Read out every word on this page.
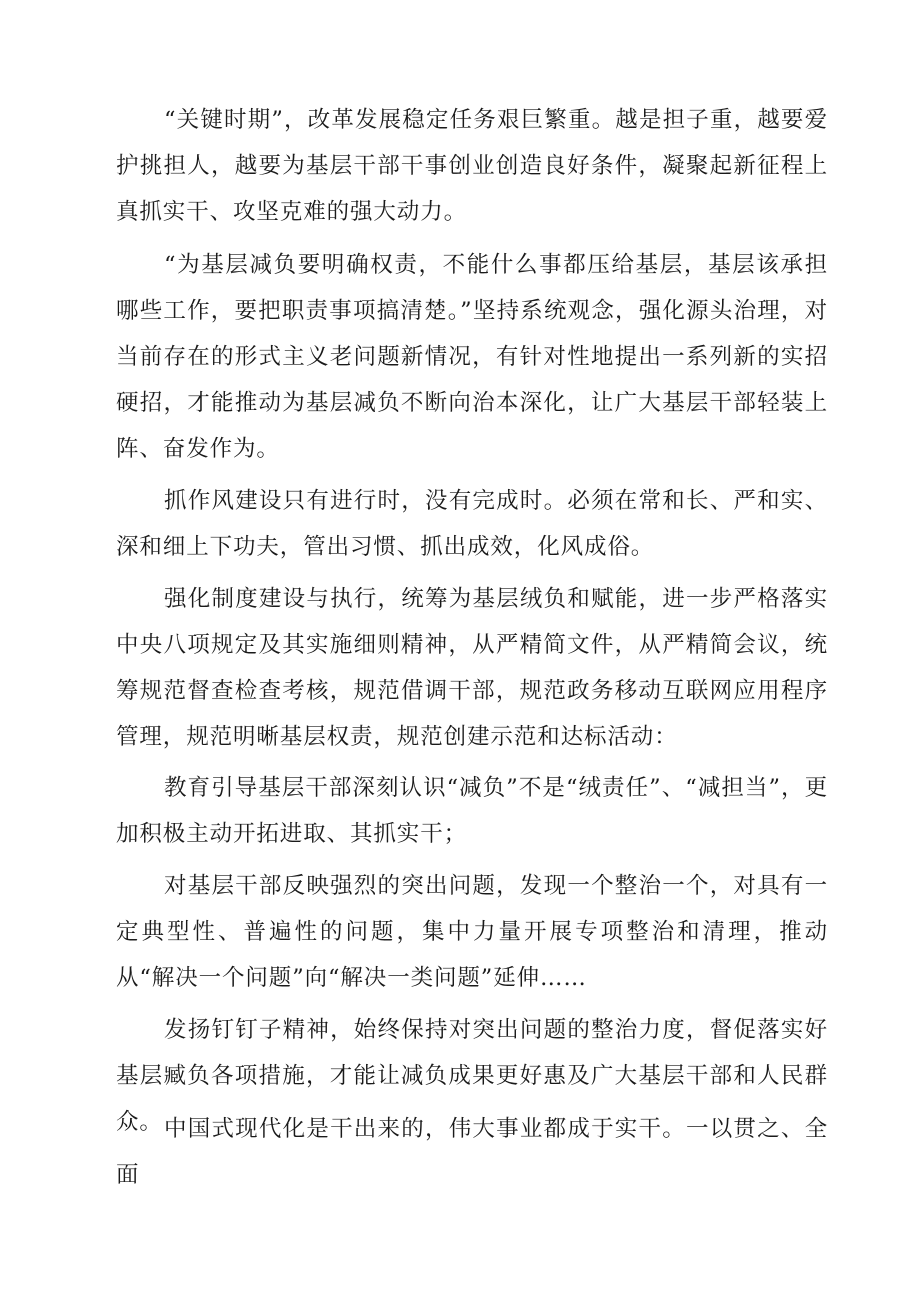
“关键时期”，改革发展稳定任务艰巨繁重。越是担子重，越要爱护挑担人，越要为基层干部干事创业创造良好条件，凝聚起新征程上真抓实干、攻坚克难的强大动力。

“为基层减负要明确权责，不能什么事都压给基层，基层该承担哪些工作，要把职责事项搞清楚。”坚持系统观念，强化源头治理，对当前存在的形式主义老问题新情况，有针对性地提出一系列新的实招硬招，才能推动为基层减负不断向治本深化，让广大基层干部轻装上阵、奋发作为。

抓作风建设只有进行时，没有完成时。必须在常和长、严和实、深和细上下功夫，管出习惯、抓出成效，化风成俗。

强化制度建设与执行，统筹为基层绒负和赋能，进一步严格落实中央八项规定及其实施细则精神，从严精简文件，从严精简会议，统筹规范督查检查考核，规范借调干部，规范政务移动互联网应用程序管理，规范明晰基层权责，规范创建示范和达标活动：

教育引导基层干部深刻认识“减负”不是“绒责任”、“减担当”，更加积极主动开拓进取、其抓实干；

对基层干部反映强烈的突出问题，发现一个整治一个，对具有一定典型性、普遍性的问题，集中力量开展专项整治和清理，推动从“解决一个问题”向“解决一类问题”延伸……

发扬钉钉子精神，始终保持对突出问题的整治力度，督促落实好基层臧负各项措施，才能让减负成果更好惠及广大基层干部和人民群众。 中国式现代化是干出来的，伟大事业都成于实干。一以贯之、全面
